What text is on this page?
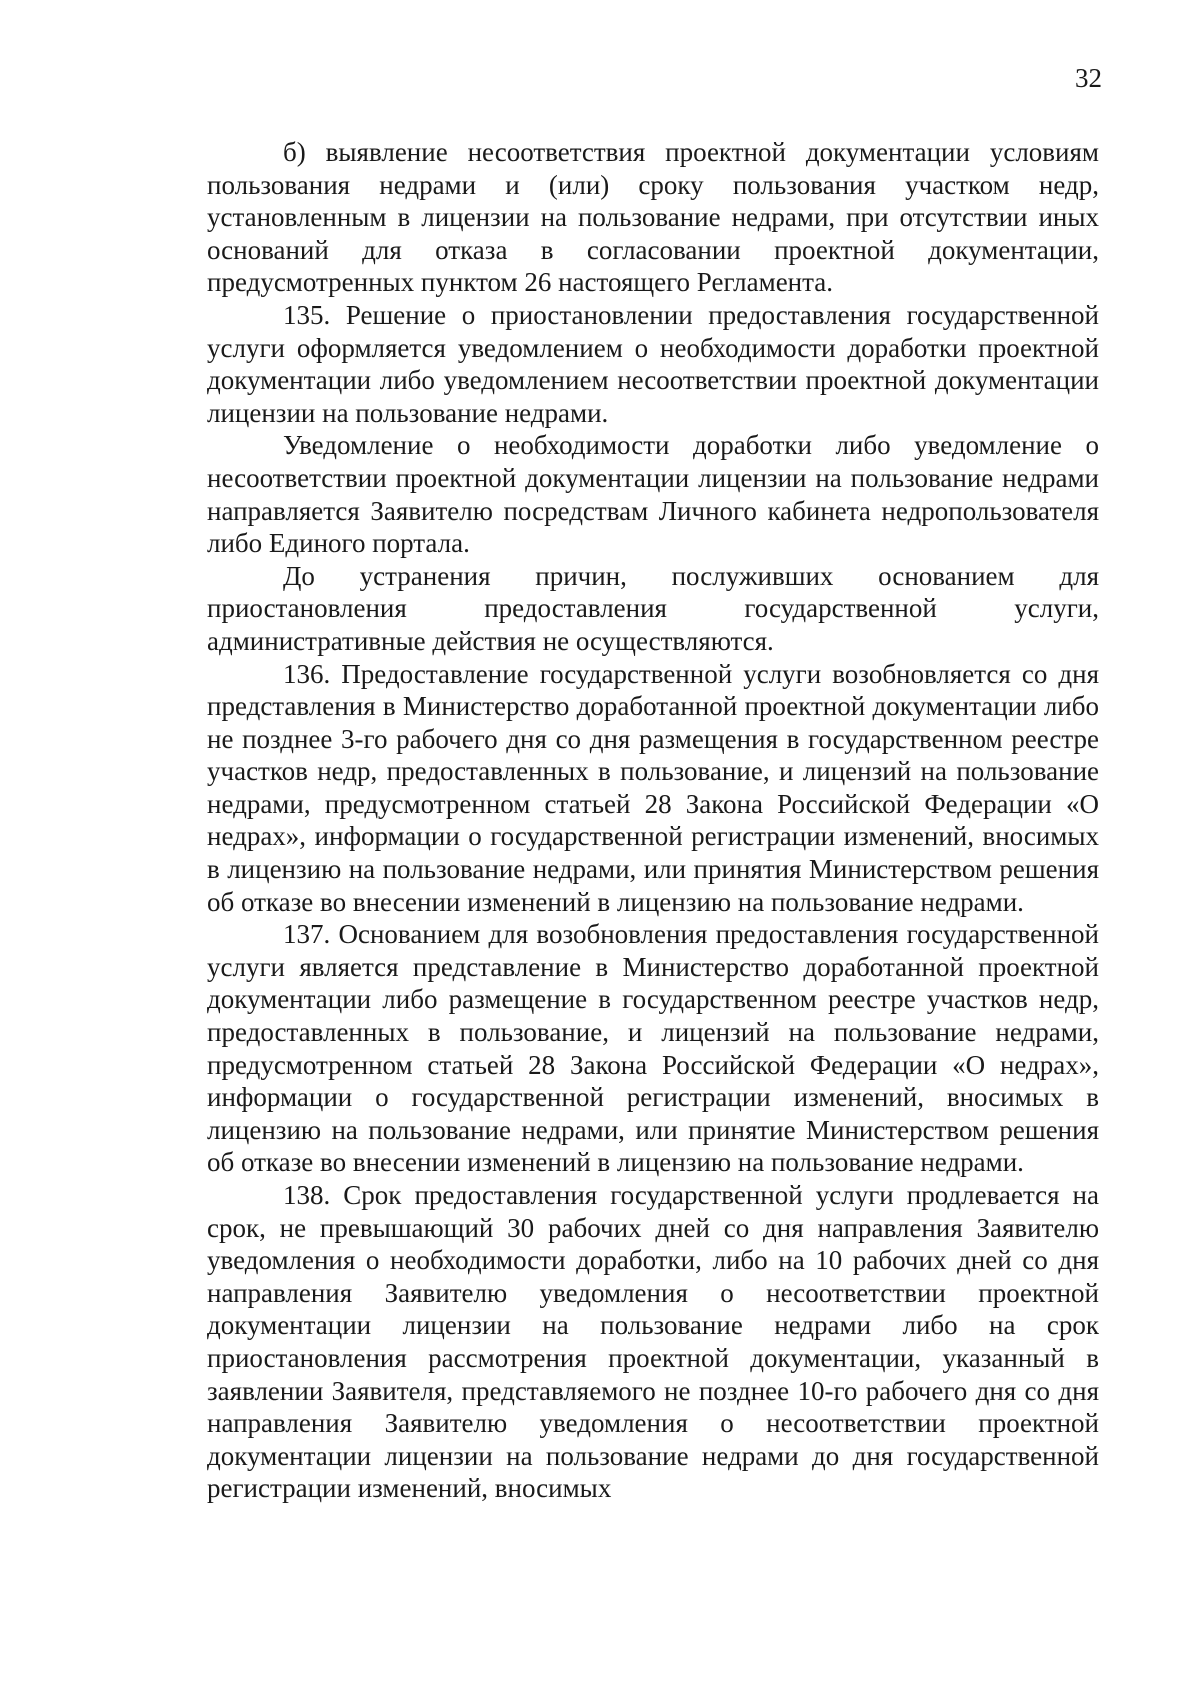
32

б) выявление несоответствия проектной документации условиям пользования недрами и (или) сроку пользования участком недр, установленным в лицензии на пользование недрами, при отсутствии иных оснований для отказа в согласовании проектной документации, предусмотренных пунктом 26 настоящего Регламента.

135. Решение о приостановлении предоставления государственной услуги оформляется уведомлением о необходимости доработки проектной документации либо уведомлением несоответствии проектной документации лицензии на пользование недрами.

Уведомление о необходимости доработки либо уведомление о несоответствии проектной документации лицензии на пользование недрами направляется Заявителю посредствам Личного кабинета недропользователя либо Единого портала.

До устранения причин, послуживших основанием для приостановления предоставления государственной услуги, административные действия не осуществляются.

136. Предоставление государственной услуги возобновляется со дня представления в Министерство доработанной проектной документации либо не позднее 3-го рабочего дня со дня размещения в государственном реестре участков недр, предоставленных в пользование, и лицензий на пользование недрами, предусмотренном статьей 28 Закона Российской Федерации «О недрах», информации о государственной регистрации изменений, вносимых в лицензию на пользование недрами, или принятия Министерством решения об отказе во внесении изменений в лицензию на пользование недрами.

137. Основанием для возобновления предоставления государственной услуги является представление в Министерство доработанной проектной документации либо размещение в государственном реестре участков недр, предоставленных в пользование, и лицензий на пользование недрами, предусмотренном статьей 28 Закона Российской Федерации «О недрах», информации о государственной регистрации изменений, вносимых в лицензию на пользование недрами, или принятие Министерством решения об отказе во внесении изменений в лицензию на пользование недрами.

138. Срок предоставления государственной услуги продлевается на срок, не превышающий 30 рабочих дней со дня направления Заявителю уведомления о необходимости доработки, либо на 10 рабочих дней со дня направления Заявителю уведомления о несоответствии проектной документации лицензии на пользование недрами либо на срок приостановления рассмотрения проектной документации, указанный в заявлении Заявителя, представляемого не позднее 10-го рабочего дня со дня направления Заявителю уведомления о несоответствии проектной документации лицензии на пользование недрами до дня государственной регистрации изменений, вносимых
